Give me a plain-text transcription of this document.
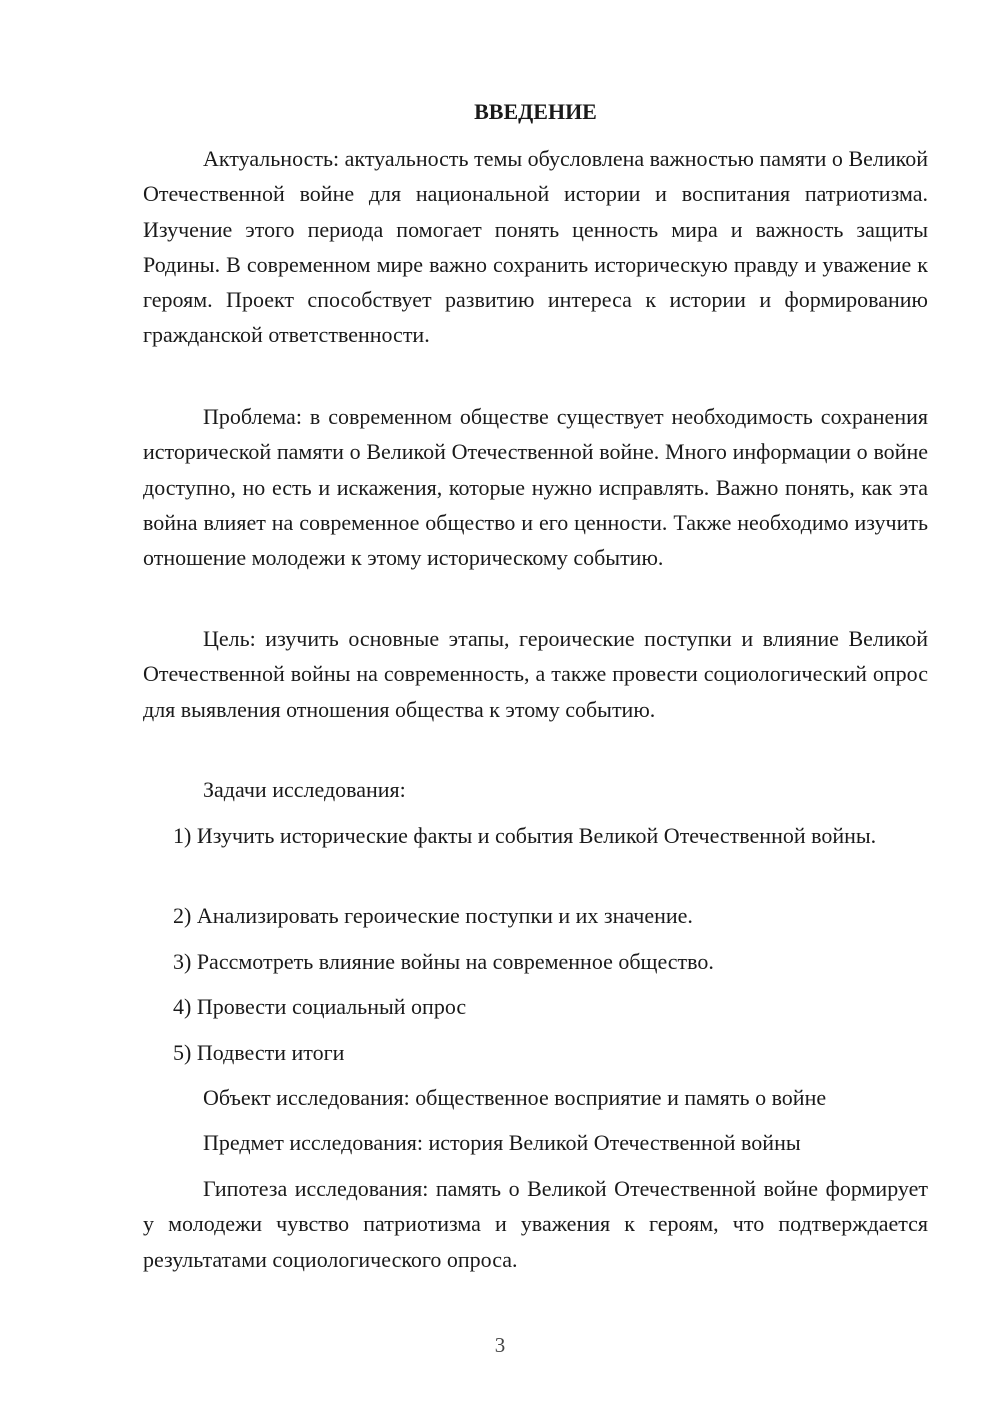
ВВЕДЕНИЕ

Актуальность: актуальность темы обусловлена важностью памяти о Великой Отечественной войне для национальной истории и воспитания патриотизма. Изучение этого периода помогает понять ценность мира и важность защиты Родины. В современном мире важно сохранить историческую правду и уважение к героям. Проект способствует развитию интереса к истории и формированию гражданской ответственности.

Проблема: в современном обществе существует необходимость сохранения исторической памяти о Великой Отечественной войне. Много информации о войне доступно, но есть и искажения, которые нужно исправлять. Важно понять, как эта война влияет на современное общество и его ценности. Также необходимо изучить отношение молодежи к этому историческому событию.

Цель: изучить основные этапы, героические поступки и влияние Великой Отечественной войны на современность, а также провести социологический опрос для выявления отношения общества к этому событию.

Задачи исследования:

1) Изучить исторические факты и события Великой Отечественной войны.

2) Анализировать героические поступки и их значение.

3) Рассмотреть влияние войны на современное общество.

4) Провести социальный опрос

5) Подвести итоги

Объект исследования: общественное восприятие и память о войне

Предмет исследования: история Великой Отечественной войны

Гипотеза исследования: память о Великой Отечественной войне формирует у молодежи чувство патриотизма и уважения к героям, что подтверждается результатами социологического опроса.

3
